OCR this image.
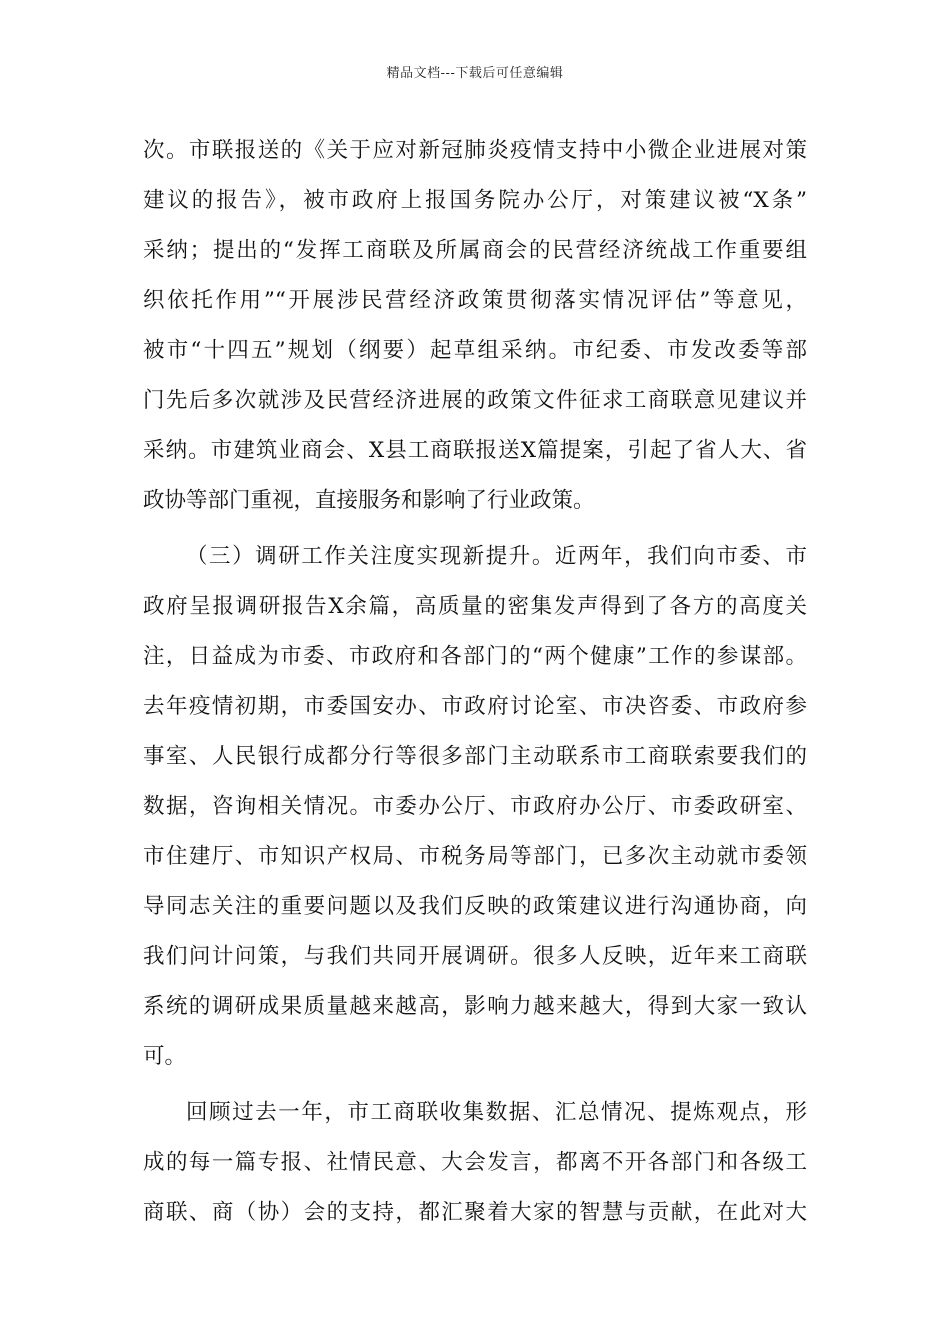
精品文档---下载后可任意编辑
次。市联报送的《关于应对新冠肺炎疫情支持中小微企业进展对策
建议的报告》，被市政府上报国务院办公厅，对策建议被“X条”
采纳；提出的“发挥工商联及所属商会的民营经济统战工作重要组
织依托作用”“开展涉民营经济政策贯彻落实情况评估”等意见，
被市“十四五”规划（纲要）起草组采纳。市纪委、市发改委等部
门先后多次就涉及民营经济进展的政策文件征求工商联意见建议并
采纳。市建筑业商会、X县工商联报送X篇提案，引起了省人大、省
政协等部门重视，直接服务和影响了行业政策。
（三）调研工作关注度实现新提升。近两年，我们向市委、市
政府呈报调研报告X余篇，高质量的密集发声得到了各方的高度关
注，日益成为市委、市政府和各部门的“两个健康”工作的参谋部。
去年疫情初期，市委国安办、市政府讨论室、市决咨委、市政府参
事室、人民银行成都分行等很多部门主动联系市工商联索要我们的
数据，咨询相关情况。市委办公厅、市政府办公厅、市委政研室、
市住建厅、市知识产权局、市税务局等部门，已多次主动就市委领
导同志关注的重要问题以及我们反映的政策建议进行沟通协商，向
我们问计问策，与我们共同开展调研。很多人反映，近年来工商联
系统的调研成果质量越来越高，影响力越来越大，得到大家一致认
可。
回顾过去一年，市工商联收集数据、汇总情况、提炼观点，形
成的每一篇专报、社情民意、大会发言，都离不开各部门和各级工
商联、商（协）会的支持，都汇聚着大家的智慧与贡献，在此对大
